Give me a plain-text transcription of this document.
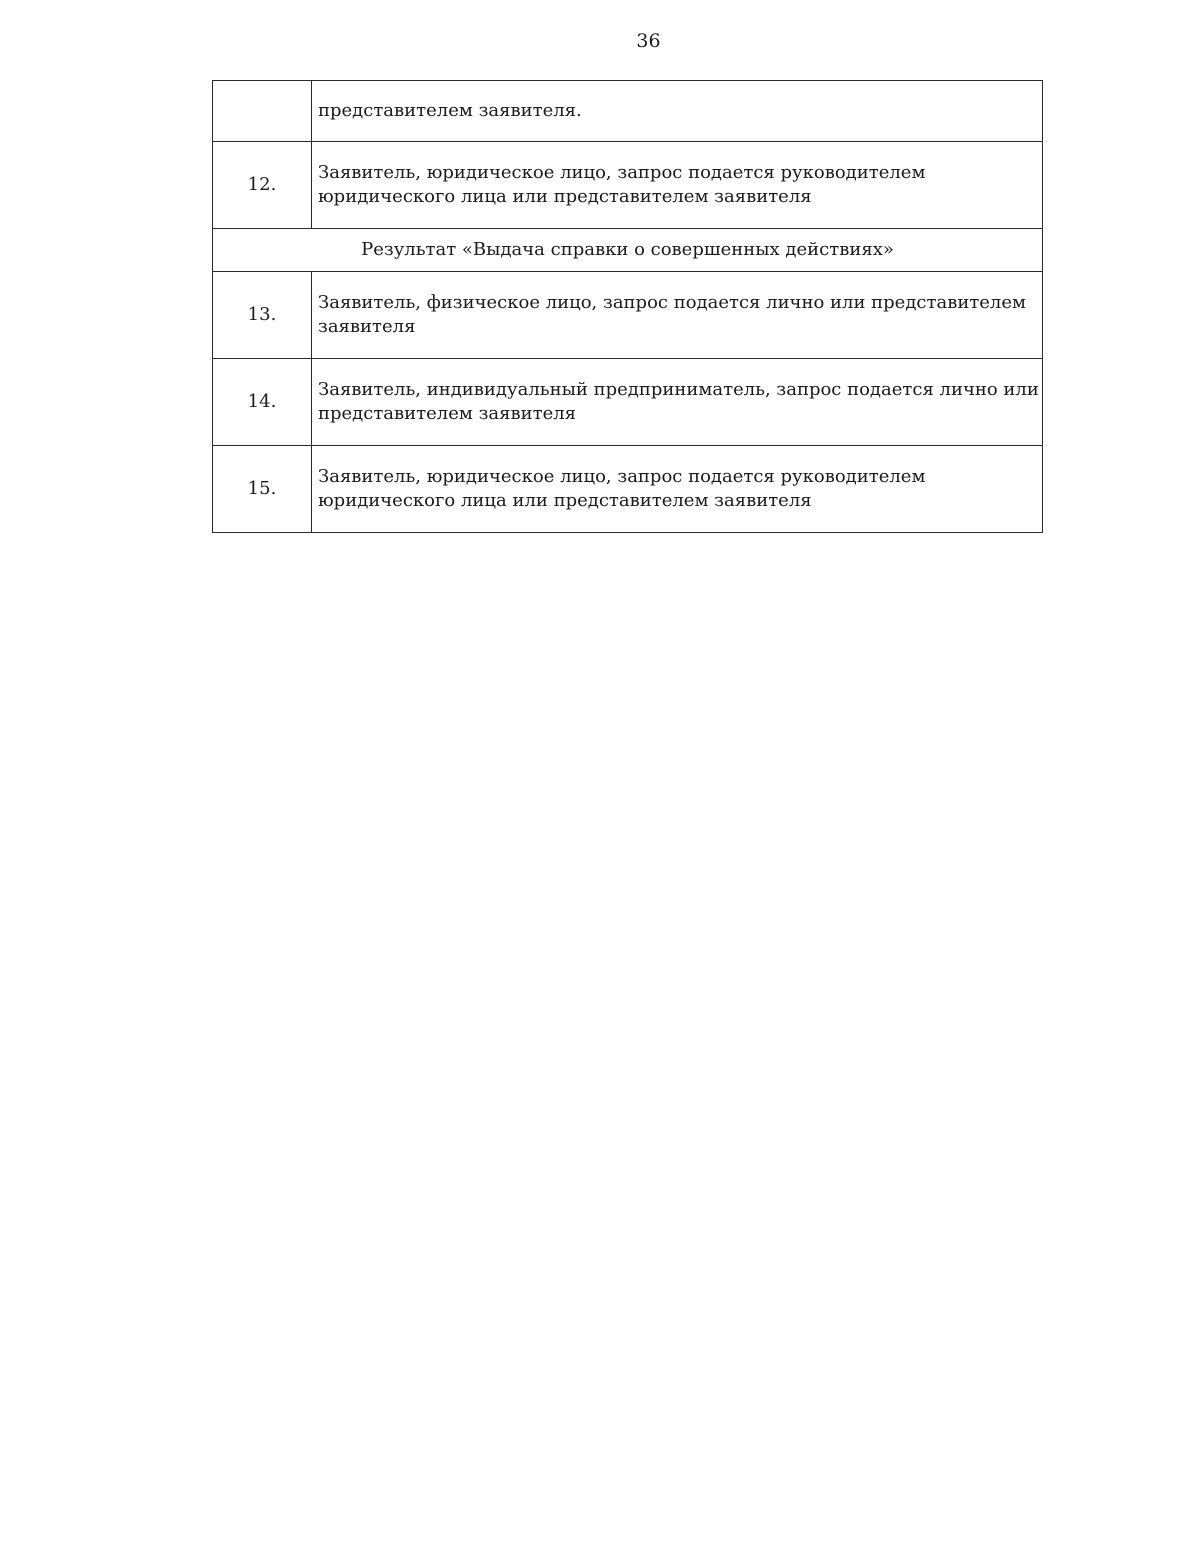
36

	представителем заявителя.

12.	Заявитель, юридическое лицо, запрос подается руководителем
юридического лица или представителем заявителя

Результат «Выдача справки о совершенных действиях»	
13.	Заявитель, физическое лицо, запрос подается лично или представителем
заявителя

14.	Заявитель, индивидуальный предприниматель, запрос подается лично или
представителем заявителя

15.	Заявитель, юридическое лицо, запрос подается руководителем
юридического лица или представителем заявителя
